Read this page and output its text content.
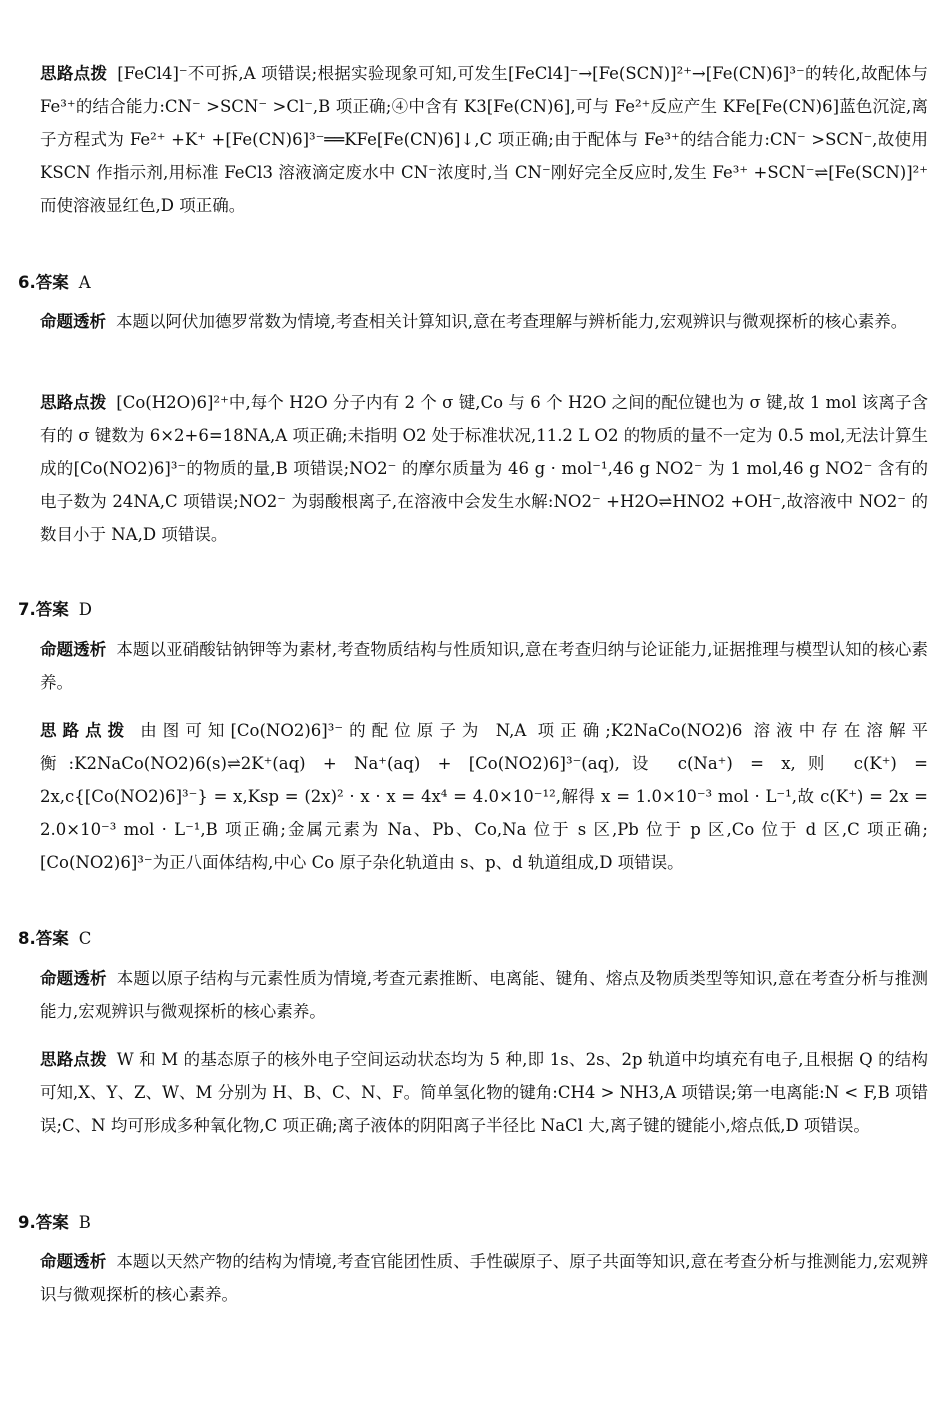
思路点拨 [FeCl4]⁻不可拆,A 项错误;根据实验现象可知,可发生[FeCl4]⁻→[Fe(SCN)]²⁺→[Fe(CN)6]³⁻的转化,故配体与 Fe³⁺的结合能力:CN⁻ >SCN⁻ >Cl⁻,B 项正确;④中含有 K3[Fe(CN)6],可与 Fe²⁺反应产生 KFe[Fe(CN)6]蓝色沉淀,离子方程式为 Fe²⁺ +K⁺ +[Fe(CN)6]³⁻══KFe[Fe(CN)6]↓,C 项正确;由于配体与 Fe³⁺的结合能力:CN⁻ >SCN⁻,故使用 KSCN 作指示剂,用标准 FeCl3 溶液滴定废水中 CN⁻浓度时,当 CN⁻刚好完全反应时,发生 Fe³⁺ +SCN⁻⇌[Fe(SCN)]²⁺而使溶液显红色,D 项正确。

6.答案 A

命题透析 本题以阿伏加德罗常数为情境,考查相关计算知识,意在考查理解与辨析能力,宏观辨识与微观探析的核心素养。

思路点拨 [Co(H2O)6]²⁺中,每个 H2O 分子内有 2 个 σ 键,Co 与 6 个 H2O 之间的配位键也为 σ 键,故 1 mol 该离子含有的 σ 键数为 6×2+6=18NA,A 项正确;未指明 O2 处于标准状况,11.2 L O2 的物质的量不一定为 0.5 mol,无法计算生成的[Co(NO2)6]³⁻的物质的量,B 项错误;NO2⁻ 的摩尔质量为 46 g · mol⁻¹,46 g NO2⁻ 为 1 mol,46 g NO2⁻ 含有的电子数为 24NA,C 项错误;NO2⁻ 为弱酸根离子,在溶液中会发生水解:NO2⁻ +H2O⇌HNO2 +OH⁻,故溶液中 NO2⁻ 的数目小于 NA,D 项错误。

7.答案 D

命题透析 本题以亚硝酸钴钠钾等为素材,考查物质结构与性质知识,意在考查归纳与论证能力,证据推理与模型认知的核心素养。

思路点拨 由图可知[Co(NO2)6]³⁻的配位原子为 N,A 项正确;K2NaCo(NO2)6 溶液中存在溶解平衡:K2NaCo(NO2)6(s)⇌2K⁺(aq) + Na⁺(aq) + [Co(NO2)6]³⁻(aq),设 c(Na⁺) = x,则 c(K⁺) = 2x,c{[Co(NO2)6]³⁻} = x,Ksp = (2x)² · x · x = 4x⁴ = 4.0×10⁻¹²,解得 x = 1.0×10⁻³ mol · L⁻¹,故 c(K⁺) = 2x = 2.0×10⁻³ mol · L⁻¹,B 项正确;金属元素为 Na、Pb、Co,Na 位于 s 区,Pb 位于 p 区,Co 位于 d 区,C 项正确;[Co(NO2)6]³⁻为正八面体结构,中心 Co 原子杂化轨道由 s、p、d 轨道组成,D 项错误。

8.答案 C

命题透析 本题以原子结构与元素性质为情境,考查元素推断、电离能、键角、熔点及物质类型等知识,意在考查分析与推测能力,宏观辨识与微观探析的核心素养。

思路点拨 W 和 M 的基态原子的核外电子空间运动状态均为 5 种,即 1s、2s、2p 轨道中均填充有电子,且根据 Q 的结构可知,X、Y、Z、W、M 分别为 H、B、C、N、F。简单氢化物的键角:CH4 > NH3,A 项错误;第一电离能:N < F,B 项错误;C、N 均可形成多种氧化物,C 项正确;离子液体的阴阳离子半径比 NaCl 大,离子键的键能小,熔点低,D 项错误。

9.答案 B

命题透析 本题以天然产物的结构为情境,考查官能团性质、手性碳原子、原子共面等知识,意在考查分析与推测能力,宏观辨识与微观探析的核心素养。
